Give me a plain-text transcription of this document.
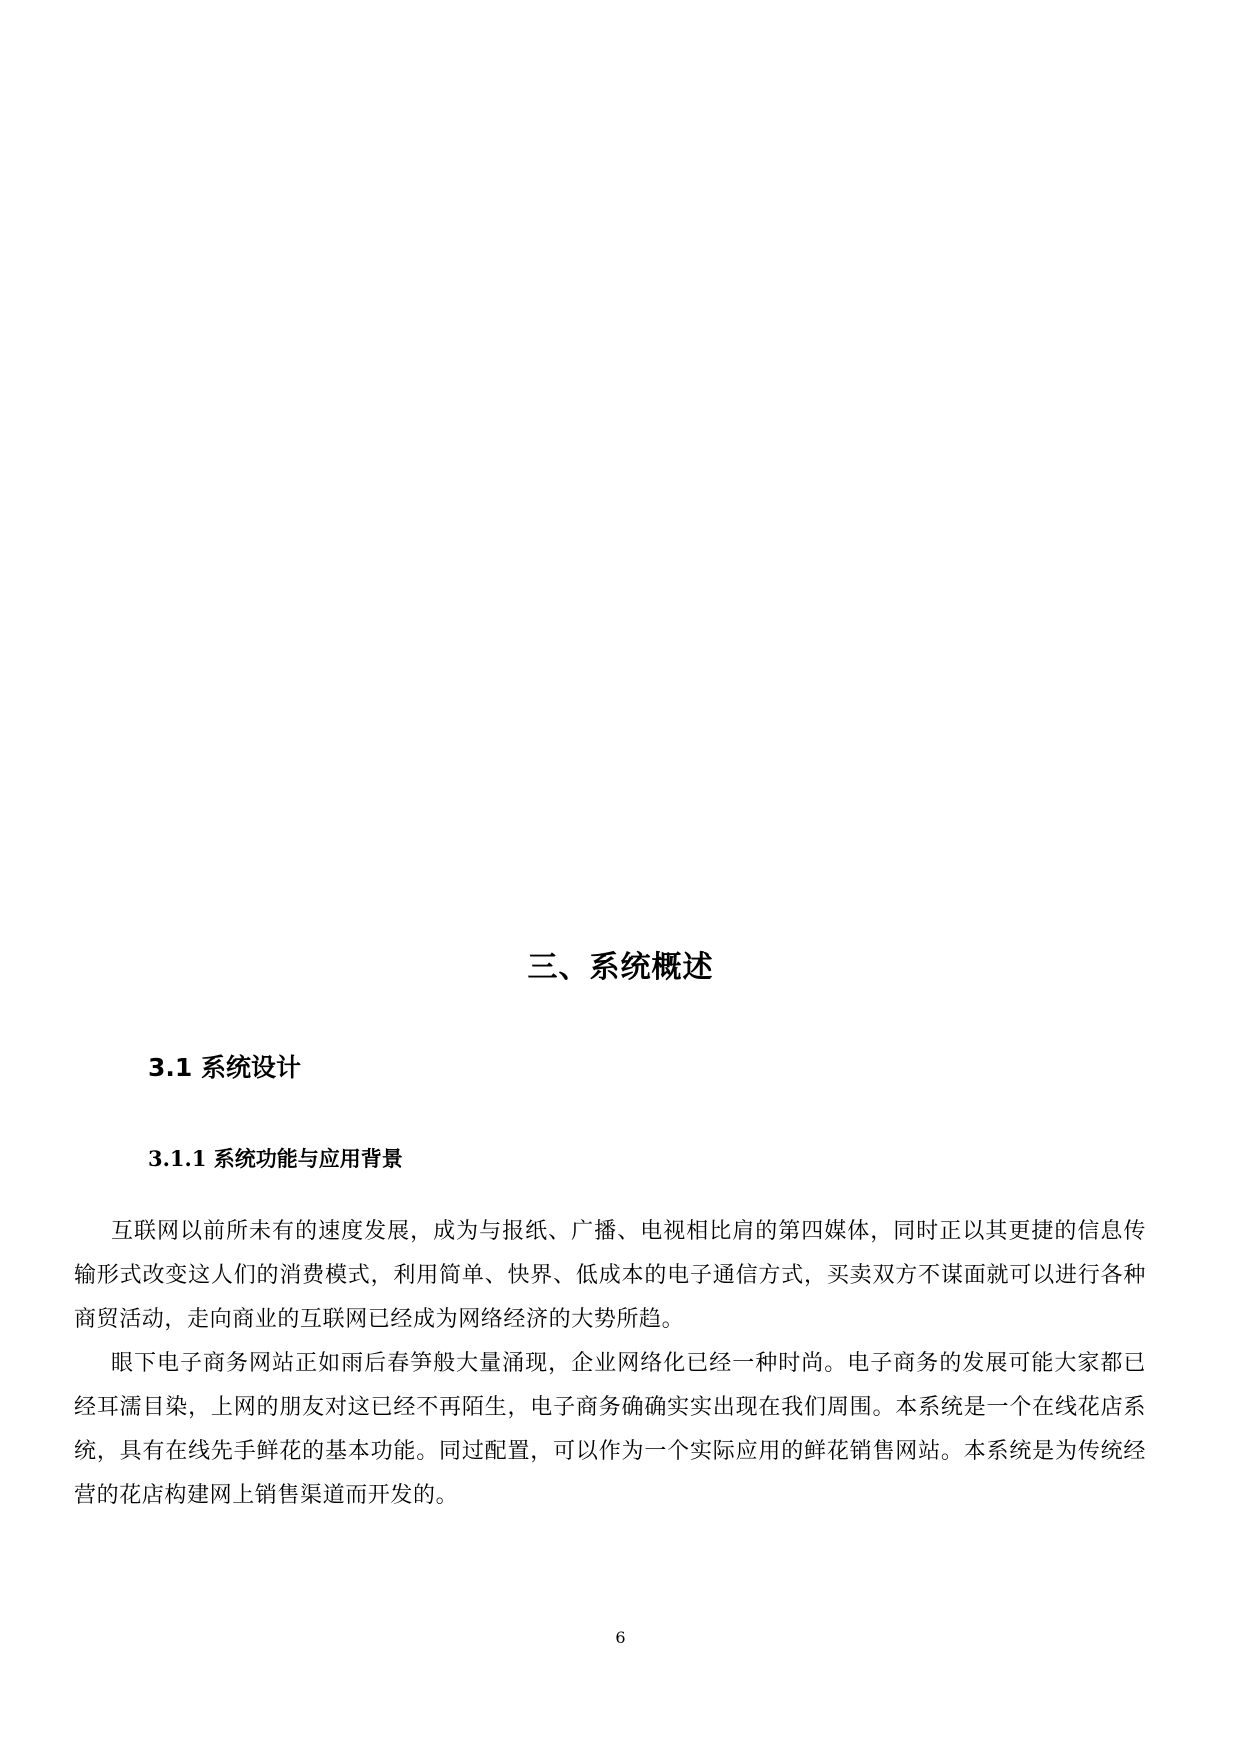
三、系统概述
3.1 系统设计
3.1.1 系统功能与应用背景

互联网以前所未有的速度发展，成为与报纸、广播、电视相比肩的第四媒体，同时正以其更捷的信息传输形式改变这人们的消费模式，利用简单、快界、低成本的电子通信方式，买卖双方不谋面就可以进行各种商贸活动，走向商业的互联网已经成为网络经济的大势所趋。

眼下电子商务网站正如雨后春笋般大量涌现，企业网络化已经一种时尚。电子商务的发展可能大家都已经耳濡目染，上网的朋友对这已经不再陌生，电子商务确确实实出现在我们周围。本系统是一个在线花店系统，具有在线先手鲜花的基本功能。同过配置，可以作为一个实际应用的鲜花销售网站。本系统是为传统经营的花店构建网上销售渠道而开发的。

6
